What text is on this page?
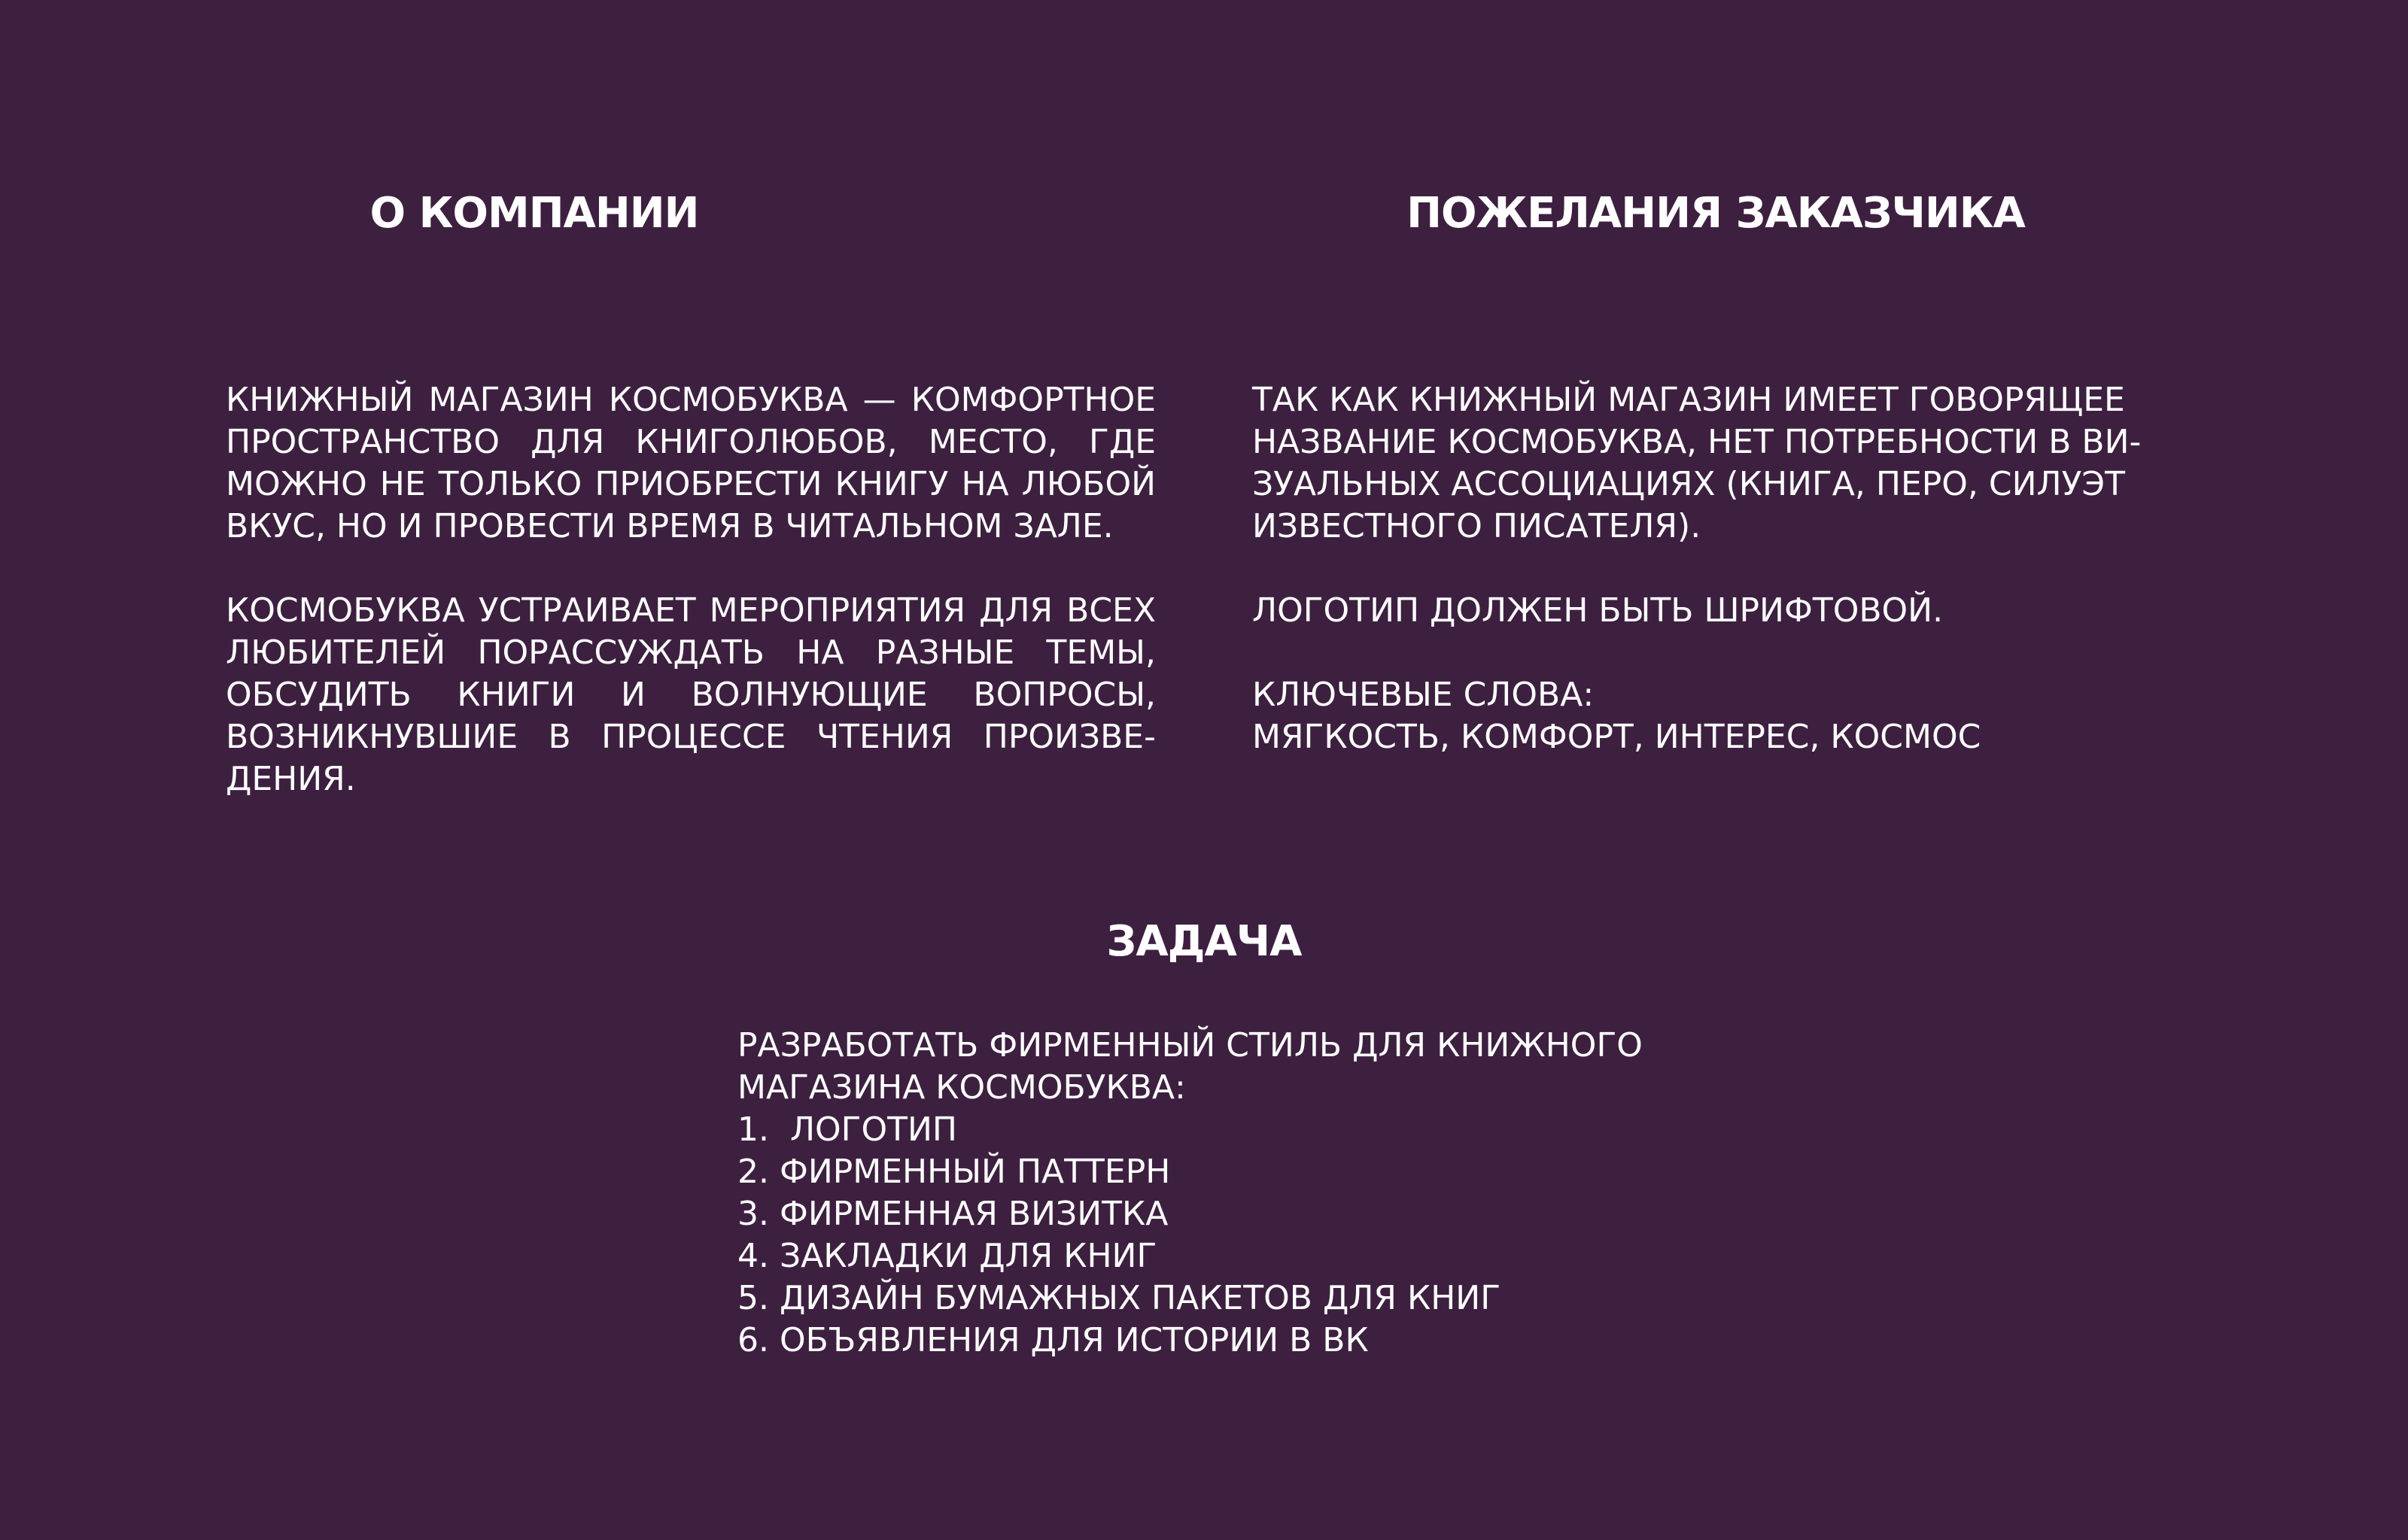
О КОМПАНИИ	ПОЖЕЛАНИЯ ЗАКАЗЧИКА

КНИЖНЫЙ МАГАЗИН КОСМОБУКВА — КОМФОРТНОЕ ПРОСТРАНСТВО ДЛЯ КНИГОЛЮБОВ, МЕСТО, ГДЕ МОЖНО НЕ ТОЛЬКО ПРИОБРЕСТИ КНИГУ НА ЛЮБОЙ ВКУС, НО И ПРОВЕСТИ ВРЕМЯ В ЧИТАЛЬНОМ ЗАЛЕ.

КОСМОБУКВА УСТРАИВАЕТ МЕРОПРИЯТИЯ ДЛЯ ВСЕХ ЛЮБИТЕЛЕЙ ПОРАССУЖДАТЬ НА РАЗНЫЕ ТЕМЫ, ОБСУДИТЬ КНИГИ И ВОЛНУЮЩИЕ ВОПРОСЫ, ВОЗНИКНУВШИЕ В ПРОЦЕССЕ ЧТЕНИЯ ПРОИЗВЕДЕНИЯ.

ТАК КАК КНИЖНЫЙ МАГАЗИН ИМЕЕТ ГОВОРЯЩЕЕ
НАЗВАНИЕ КОСМОБУКВА, НЕТ ПОТРЕБНОСТИ В ВИ-
ЗУАЛЬНЫХ АССОЦИАЦИЯХ (КНИГА, ПЕРО, СИЛУЭТ
ИЗВЕСТНОГО ПИСАТЕЛЯ).
ЛОГОТИП ДОЛЖЕН БЫТЬ ШРИФТОВОЙ.
КЛЮЧЕВЫЕ СЛОВА:
МЯГКОСТЬ, КОМФОРТ, ИНТЕРЕС, КОСМОС
ЗАДАЧА
РАЗРАБОТАТЬ ФИРМЕННЫЙ СТИЛЬ ДЛЯ КНИЖНОГО
МАГАЗИНА КОСМОБУКВА:
1.  ЛОГОТИП
2. ФИРМЕННЫЙ ПАТТЕРН
3. ФИРМЕННАЯ ВИЗИТКА
4. ЗАКЛАДКИ ДЛЯ КНИГ
5. ДИЗАЙН БУМАЖНЫХ ПАКЕТОВ ДЛЯ КНИГ
6. ОБЪЯВЛЕНИЯ ДЛЯ ИСТОРИИ В ВК
